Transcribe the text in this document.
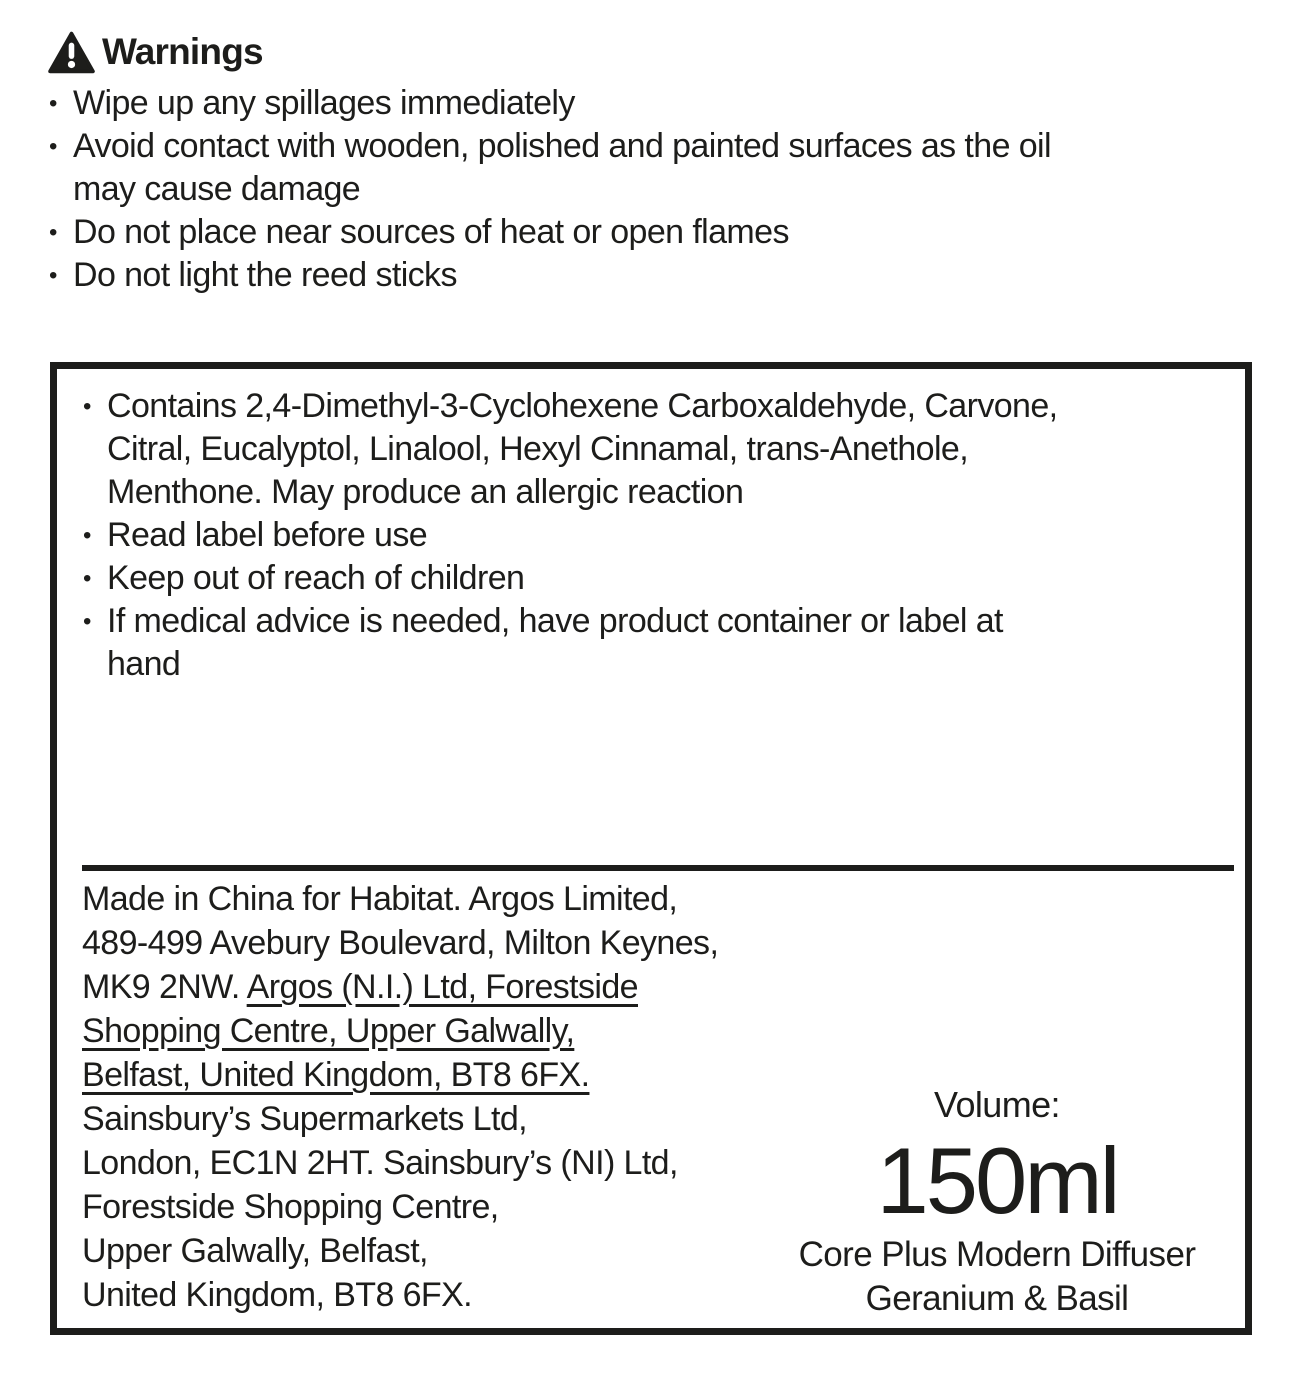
Warnings
• Wipe up any spillages immediately
• Avoid contact with wooden, polished and painted surfaces as the oil
may cause damage
• Do not place near sources of heat or open flames
• Do not light the reed sticks
• Contains 2,4-Dimethyl-3-Cyclohexene Carboxaldehyde, Carvone,
Citral, Eucalyptol, Linalool, Hexyl Cinnamal, trans-Anethole,
Menthone. May produce an allergic reaction
• Read label before use
• Keep out of reach of children
• If medical advice is needed, have product container or label at
hand
Made in China for Habitat. Argos Limited,
489-499 Avebury Boulevard, Milton Keynes,
MK9 2NW. Argos (N.I.) Ltd, Forestside
Shopping Centre, Upper Galwally,
Belfast, United Kingdom, BT8 6FX.
Sainsbury’s Supermarkets Ltd,
London, EC1N 2HT. Sainsbury’s (NI) Ltd,
Forestside Shopping Centre,
Upper Galwally, Belfast,
United Kingdom, BT8 6FX.
Volume:
150ml
Core Plus Modern Diffuser
Geranium & Basil
